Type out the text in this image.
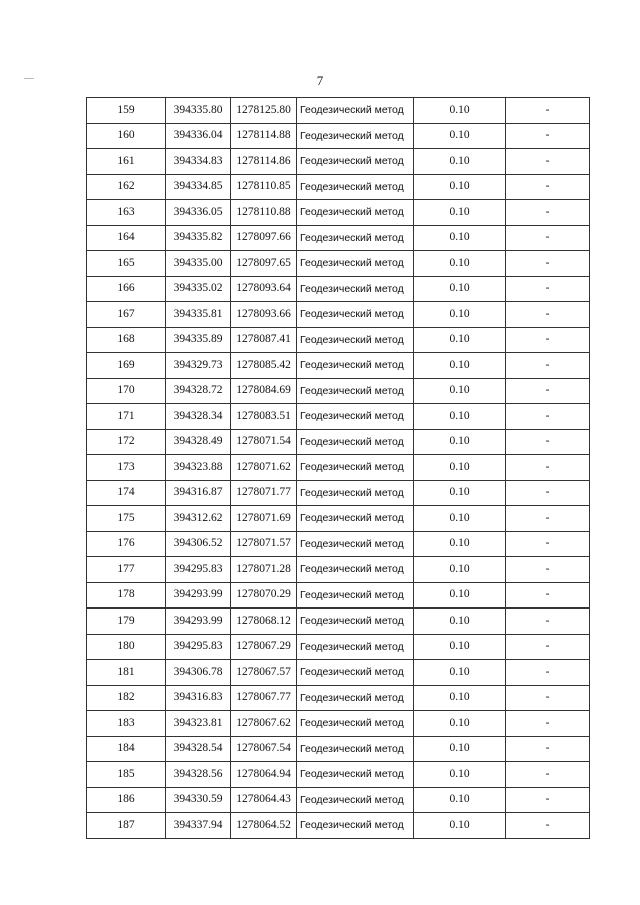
7
159	394335.80	1278125.80	Геодезический метод	0.10	-
160	394336.04	1278114.88	Геодезический метод	0.10	-
161	394334.83	1278114.86	Геодезический метод	0.10	-
162	394334.85	1278110.85	Геодезический метод	0.10	-
163	394336.05	1278110.88	Геодезический метод	0.10	-
164	394335.82	1278097.66	Геодезический метод	0.10	-
165	394335.00	1278097.65	Геодезический метод	0.10	-
166	394335.02	1278093.64	Геодезический метод	0.10	-
167	394335.81	1278093.66	Геодезический метод	0.10	-
168	394335.89	1278087.41	Геодезический метод	0.10	-
169	394329.73	1278085.42	Геодезический метод	0.10	-
170	394328.72	1278084.69	Геодезический метод	0.10	-
171	394328.34	1278083.51	Геодезический метод	0.10	-
172	394328.49	1278071.54	Геодезический метод	0.10	-
173	394323.88	1278071.62	Геодезический метод	0.10	-
174	394316.87	1278071.77	Геодезический метод	0.10	-
175	394312.62	1278071.69	Геодезический метод	0.10	-
176	394306.52	1278071.57	Геодезический метод	0.10	-
177	394295.83	1278071.28	Геодезический метод	0.10	-
178	394293.99	1278070.29	Геодезический метод	0.10	-
179	394293.99	1278068.12	Геодезический метод	0.10	-
180	394295.83	1278067.29	Геодезический метод	0.10	-
181	394306.78	1278067.57	Геодезический метод	0.10	-
182	394316.83	1278067.77	Геодезический метод	0.10	-
183	394323.81	1278067.62	Геодезический метод	0.10	-
184	394328.54	1278067.54	Геодезический метод	0.10	-
185	394328.56	1278064.94	Геодезический метод	0.10	-
186	394330.59	1278064.43	Геодезический метод	0.10	-
187	394337.94	1278064.52	Геодезический метод	0.10	-
